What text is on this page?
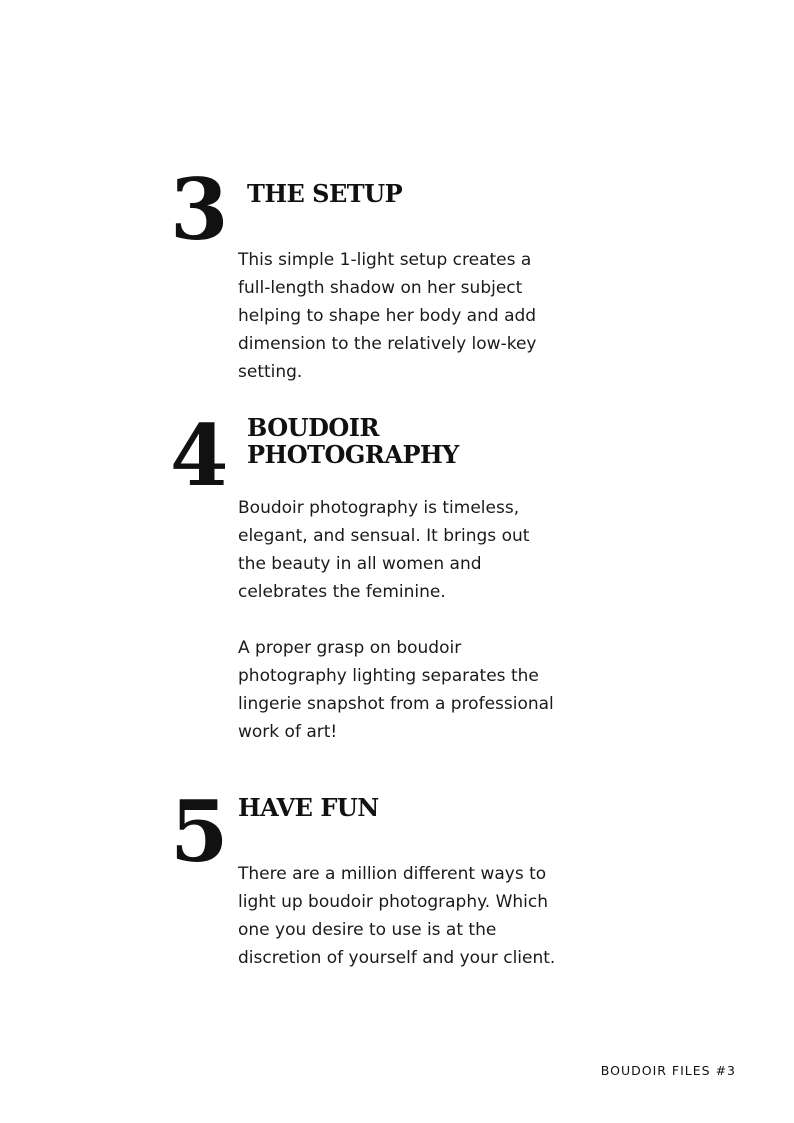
3 THE SETUP

This simple 1-light setup creates a full-length shadow on her subject helping to shape her body and add dimension to the relatively low-key setting.

4 BOUDOIR
PHOTOGRAPHY

Boudoir photography is timeless, elegant, and sensual. It brings out the beauty in all women and celebrates the feminine.

A proper grasp on boudoir photography lighting separates the lingerie snapshot from a professional work of art!

5 HAVE FUN

There are a million different ways to light up boudoir photography. Which one you desire to use is at the discretion of yourself and your client.

BOUDOIR FILES #3
